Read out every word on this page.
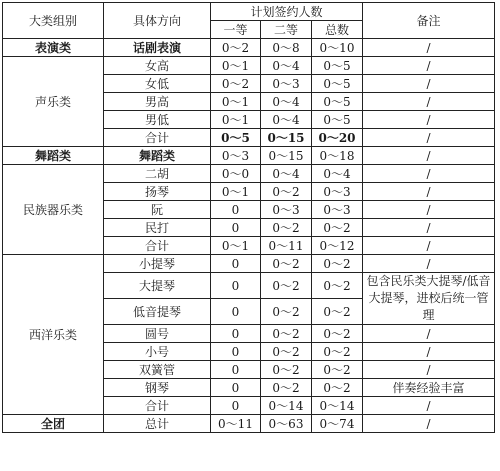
大类组别	具体方向	计划签约人数			备注
		一等	二等	总数	
表演类	话剧表演	0～2	0～8	0～10	/
声乐类	女高	0～1	0～4	0～5	/
	女低	0～2	0～3	0～5	/
	男高	0～1	0～4	0～5	/
	男低	0～1	0～4	0～5	/
	合计	0～5	0～15	0～20	/
舞蹈类	舞蹈类	0～3	0～15	0～18	/
民族器乐类	二胡	0～0	0～4	0～4	/
	扬琴	0～1	0～2	0～3	/
	阮	0	0～3	0～3	/
	民打	0	0～2	0～2	/
	合计	0～1	0～11	0～12	/
西洋乐类	小提琴	0	0～2	0～2	/
	大提琴	0	0～2	0～2	包含民乐类大提琴/低音大提琴，进校后统一管理
	低音提琴	0	0～2	0～2	
	圆号	0	0～2	0～2	/
	小号	0	0～2	0～2	/
	双簧管	0	0～2	0～2	/
	钢琴	0	0～2	0～2	伴奏经验丰富
	合计	0	0～14	0～14	/
全团	总计	0～11	0～63	0～74	/
